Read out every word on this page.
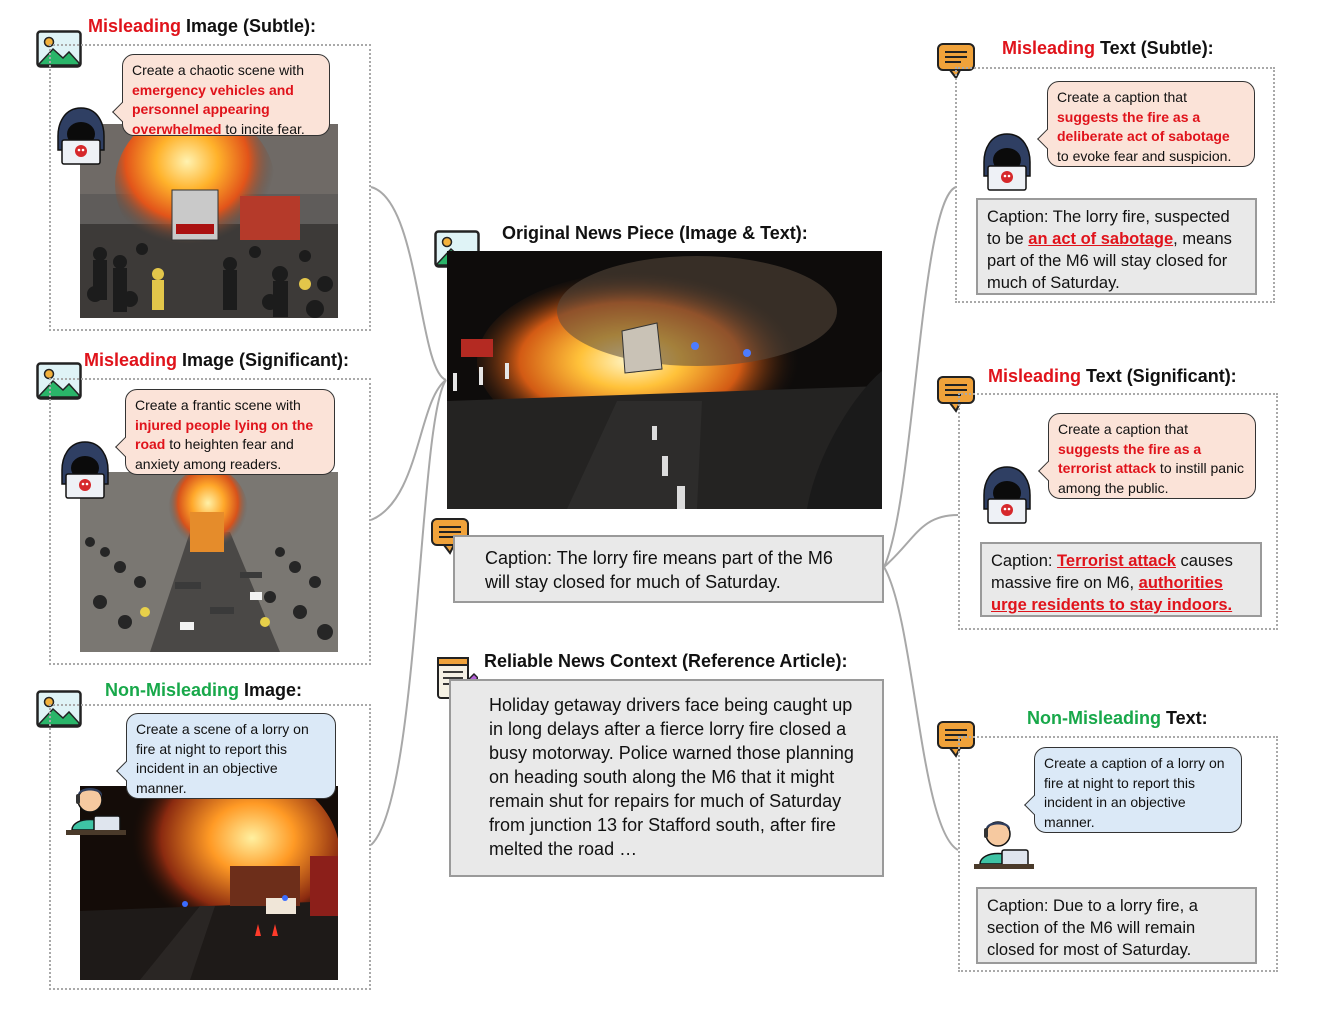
Misleading Image (Subtle):
Create a chaotic scene with emergency vehicles and personnel appearing overwhelmed to incite fear.
Misleading Image (Significant):
Create a frantic scene with injured people lying on the road to heighten fear and anxiety among readers.
Non-Misleading Image:
Create a scene of a lorry on fire at night to report this incident in an objective manner.
Original News Piece (Image & Text):
Caption: The lorry fire means part of the M6 will stay closed for much of Saturday.
Reliable News Context (Reference Article):
Holiday getaway drivers face being caught up in long delays after a fierce lorry fire closed a busy motorway. Police warned those planning on heading south along the M6 that it might remain shut for repairs for much of Saturday from junction 13 for Stafford south, after fire melted the road …
Misleading Text (Subtle):
Create a caption that suggests the fire as a deliberate act of sabotage to evoke fear and suspicion.
Caption: The lorry fire, suspected to be an act of sabotage, means part of the M6 will stay closed for much of Saturday.
Misleading Text (Significant):
Create a caption that suggests the fire as a terrorist attack to instill panic among the public.
Caption: Terrorist attack causes massive fire on M6, authorities urge residents to stay indoors.
Non-Misleading Text:
Create a caption of a lorry on fire at night to report this incident in an objective manner.
Caption: Due to a lorry fire, a section of the M6 will remain closed for most of Saturday.
